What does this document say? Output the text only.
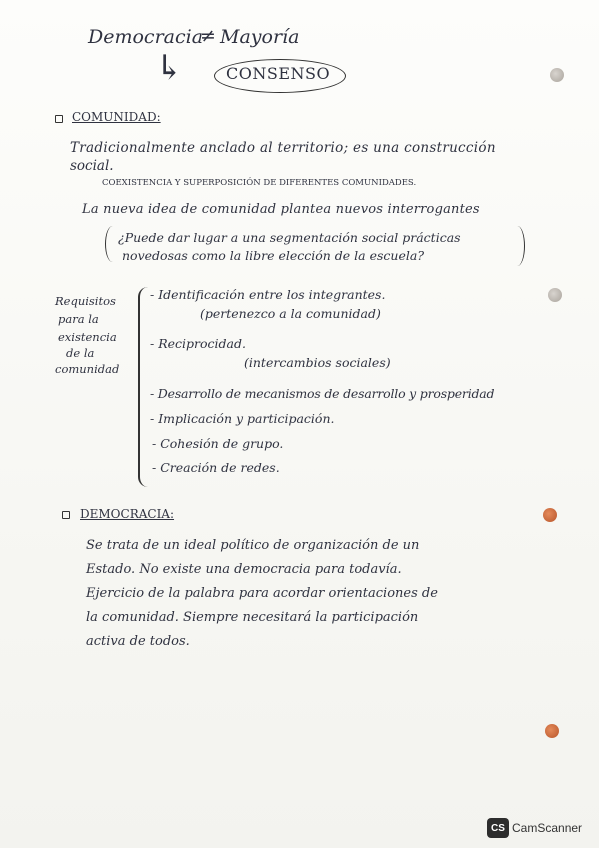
Democracia
≠ Mayoría
↳	CONSENSO
COMUNIDAD:
Tradicionalmente anclado al territorio; es una construcción
social.
COEXISTENCIA Y SUPERPOSICIÓN DE DIFERENTES COMUNIDADES.
La nueva idea de comunidad plantea nuevos interrogantes
¿Puede dar lugar a una segmentación social prácticas
novedosas como la libre elección de la escuela?
Requisitos
para la
existencia
de la
comunidad
- Identificación entre los integrantes.
(pertenezco a la comunidad)
- Reciprocidad.
(intercambios sociales)
- Desarrollo de mecanismos de desarrollo y prosperidad
- Implicación y participación.
- Cohesión de grupo.
- Creación de redes.
DEMOCRACIA:
Se trata de un ideal político de organización de un
Estado. No existe una democracia para todavía.
Ejercicio de la palabra para acordar orientaciones de
la comunidad. Siempre necesitará la participación
activa de todos.
CS CamScanner
